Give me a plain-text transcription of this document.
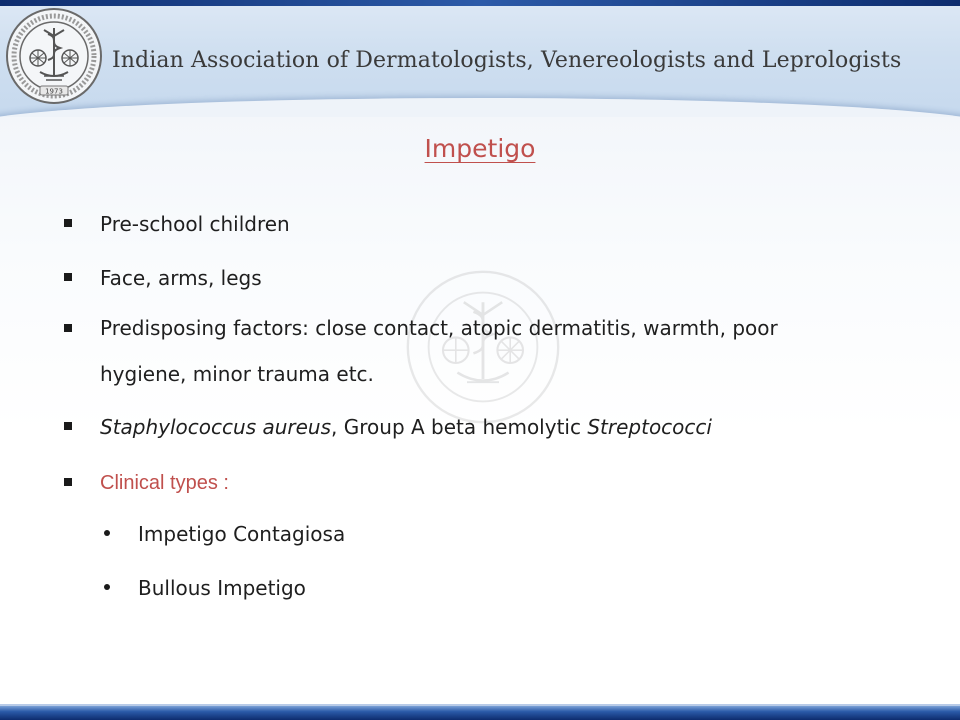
1973
Indian Association of Dermatologists, Venereologists and Leprologists
Impetigo
Pre-school children
Face, arms, legs
Predisposing factors: close contact, atopic dermatitis, warmth, poor
hygiene, minor trauma etc.
Staphylococcus aureus, Group A beta hemolytic Streptococci
Clinical types :
Impetigo Contagiosa
Bullous Impetigo
